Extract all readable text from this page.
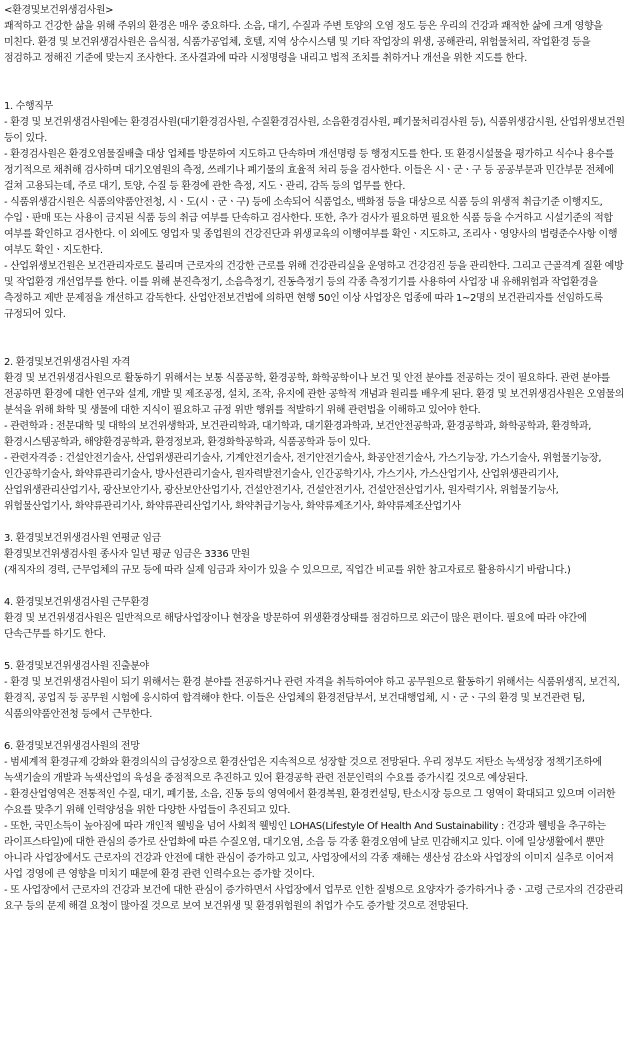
<환경및보건위생검사원>

쾌적하고 건강한 삶을 위해 주위의 환경은 매우 중요하다. 소음, 대기, 수질과 주변 토양의 오염 정도 등은 우리의 건강과 쾌적한 삶에 크게 영향을 미친다. 환경 및 보건위생검사원은 음식점, 식품가공업체, 호텔, 지역 상수시스템 및 기타 작업장의 위생, 공해관리, 위험물처리, 작업환경 등을 점검하고 정해진 기준에 맞는지 조사한다. 조사결과에 따라 시정명령을 내리고 법적 조치를 취하거나 개선을 위한 지도를 한다.

1. 수행직무

- 환경 및 보건위생검사원에는 환경검사원(대기환경검사원, 수질환경검사원, 소음환경검사원, 폐기물처리검사원 등), 식품위생감시원, 산업위생보건원 등이 있다.

- 환경검사원은 환경오염물질배출 대상 업체를 방문하여 지도하고 단속하며 개선명령 등 행정지도를 한다. 또 환경시설물을 평가하고 식수나 용수를 정기적으로 채취해 검사하며 대기오염원의 측정, 쓰레기나 폐기물의 효율적 처리 등을 검사한다. 이들은 시ㆍ군ㆍ구 등 공공부문과 민간부문 전체에 걸쳐 고용되는데, 주로 대기, 토양, 수질 등 환경에 관한 측정, 지도ㆍ관리, 감독 등의 업무를 한다.

- 식품위생감시원은 식품의약품안전청, 시ㆍ도(시ㆍ군ㆍ구) 등에 소속되어 식품업소, 백화점 등을 대상으로 식품 등의 위생적 취급기준 이행지도, 수입ㆍ판매 또는 사용이 금지된 식품 등의 취급 여부를 단속하고 검사한다. 또한, 추가 검사가 필요하면 필요한 식품 등을 수거하고 시설기준의 적합 여부를 확인하고 검사한다. 이 외에도 영업자 및 종업원의 건강진단과 위생교육의 이행여부를 확인ㆍ지도하고, 조리사ㆍ영양사의 법령준수사항 이행 여부도 확인ㆍ지도한다.

- 산업위생보건원은 보건관리자로도 불리며 근로자의 건강한 근로를 위해 건강관리실을 운영하고 건강검진 등을 관리한다. 그리고 근골격계 질환 예방 및 작업환경 개선업무를 한다. 이를 위해 분진측정기, 소음측정기, 진동측정기 등의 각종 측정기기를 사용하여 사업장 내 유해위험과 작업환경을 측정하고 제반 문제점을 개선하고 감독한다. 산업안전보건법에 의하면 현행 50인 이상 사업장은 업종에 따라 1~2명의 보건관리자를 선임하도록 규정되어 있다.

2. 환경및보건위생검사원 자격

환경 및 보건위생검사원으로 활동하기 위해서는 보통 식품공학, 환경공학, 화학공학이나 보건 및 안전 분야를 전공하는 것이 필요하다. 관련 분야를 전공하면 환경에 대한 연구와 설계, 개발 및 제조공정, 설치, 조작, 유지에 관한 공학적 개념과 원리를 배우게 된다. 환경 및 보건위생검사원은 오염물의 분석을 위해 화학 및 생물에 대한 지식이 필요하고 규정 위반 행위를 적발하기 위해 관련법을 이해하고 있어야 한다.

- 관련학과 : 전문대학 및 대학의 보건위생학과, 보건관리학과, 대기학과, 대기환경과학과, 보건안전공학과, 환경공학과, 화학공학과, 환경학과, 환경시스템공학과, 해양환경공학과, 환경정보과, 환경화학공학과, 식품공학과 등이 있다.

- 관련자격증 : 건설안전기술사, 산업위생관리기술사, 기계안전기술사, 전기안전기술사, 화공안전기술사, 가스기능장, 가스기술사, 위험물기능장, 인간공학기술사, 화약류관리기술사, 방사선관리기술사, 원자력발전기술사, 인간공학기사, 가스기사, 가스산업기사, 산업위생관리기사, 산업위생관리산업기사, 광산보안기사, 광산보안산업기사, 건설안전기사, 건설안전기사, 건설안전산업기사, 원자력기사, 위험물기능사, 위험물산업기사, 화약류관리기사, 화약류관리산업기사, 화약취급기능사, 화약류제조기사, 화약류제조산업기사

3. 환경및보건위생검사원 연평균 임금

환경및보건위생검사원 종사자 일년 평균 임금은 3336 만원

(재직자의 경력, 근무업체의 규모 등에 따라 실제 임금과 차이가 있을 수 있으므로, 직업간 비교를 위한 참고자료로 활용하시기 바랍니다.)

4. 환경및보건위생검사원 근무환경

환경 및 보건위생검사원은 일반적으로 해당사업장이나 현장을 방문하여 위생환경상태를 점검하므로 외근이 많은 편이다. 필요에 따라 야간에 단속근무를 하기도 한다.

5. 환경및보건위생검사원 진출분야

- 환경 및 보건위생검사원이 되기 위해서는 환경 분야를 전공하거나 관련 자격을 취득하여야 하고 공무원으로 활동하기 위해서는 식품위생직, 보건직, 환경직, 공업직 등 공무원 시험에 응시하여 합격해야 한다. 이들은 산업체의 환경전담부서, 보건대행업체, 시ㆍ군ㆍ구의 환경 및 보건관련 팀, 식품의약품안전청 등에서 근무한다.

6. 환경및보건위생검사원의 전망

- 범세계적 환경규제 강화와 환경의식의 급성장으로 환경산업은 지속적으로 성장할 것으로 전망된다. 우리 정부도 저탄소 녹색성장 정책기조하에 녹색기술의 개발과 녹색산업의 육성을 중점적으로 추진하고 있어 환경공학 관련 전문인력의 수요를 증가시킬 것으로 예상된다.

- 환경산업영역은 전통적인 수질, 대기, 폐기물, 소음, 진동 등의 영역에서 환경복원, 환경컨설팅, 탄소시장 등으로 그 영역이 확대되고 있으며 이러한 수요를 맞추기 위해 인력양성을 위한 다양한 사업들이 추진되고 있다.

- 또한, 국민소득이 높아짐에 따라 개인적 웰빙을 넘어 사회적 웰빙인 LOHAS(Lifestyle Of Health And Sustainability : 건강과 웰빙을 추구하는 라이프스타일)에 대한 관심의 증가로 산업화에 따른 수질오염, 대기오염, 소음 등 각종 환경오염에 날로 민감해지고 있다. 이에 일상생활에서 뿐만 아니라 사업장에서도 근로자의 건강과 안전에 대한 관심이 증가하고 있고, 사업장에서의 각종 재해는 생산성 감소와 사업장의 이미지 실추로 이어져 사업 경영에 큰 영향을 미치기 때문에 환경 관련 인력수요는 증가할 것이다.

- 또 사업장에서 근로자의 건강과 보건에 대한 관심이 증가하면서 사업장에서 업무로 인한 질병으로 요양자가 증가하거나 중ㆍ고령 근로자의 건강관리 요구 등의 문제 해결 요청이 많아질 것으로 보여 보건위생 및 환경위험원의 취업가 수도 증가할 것으로 전망된다.
